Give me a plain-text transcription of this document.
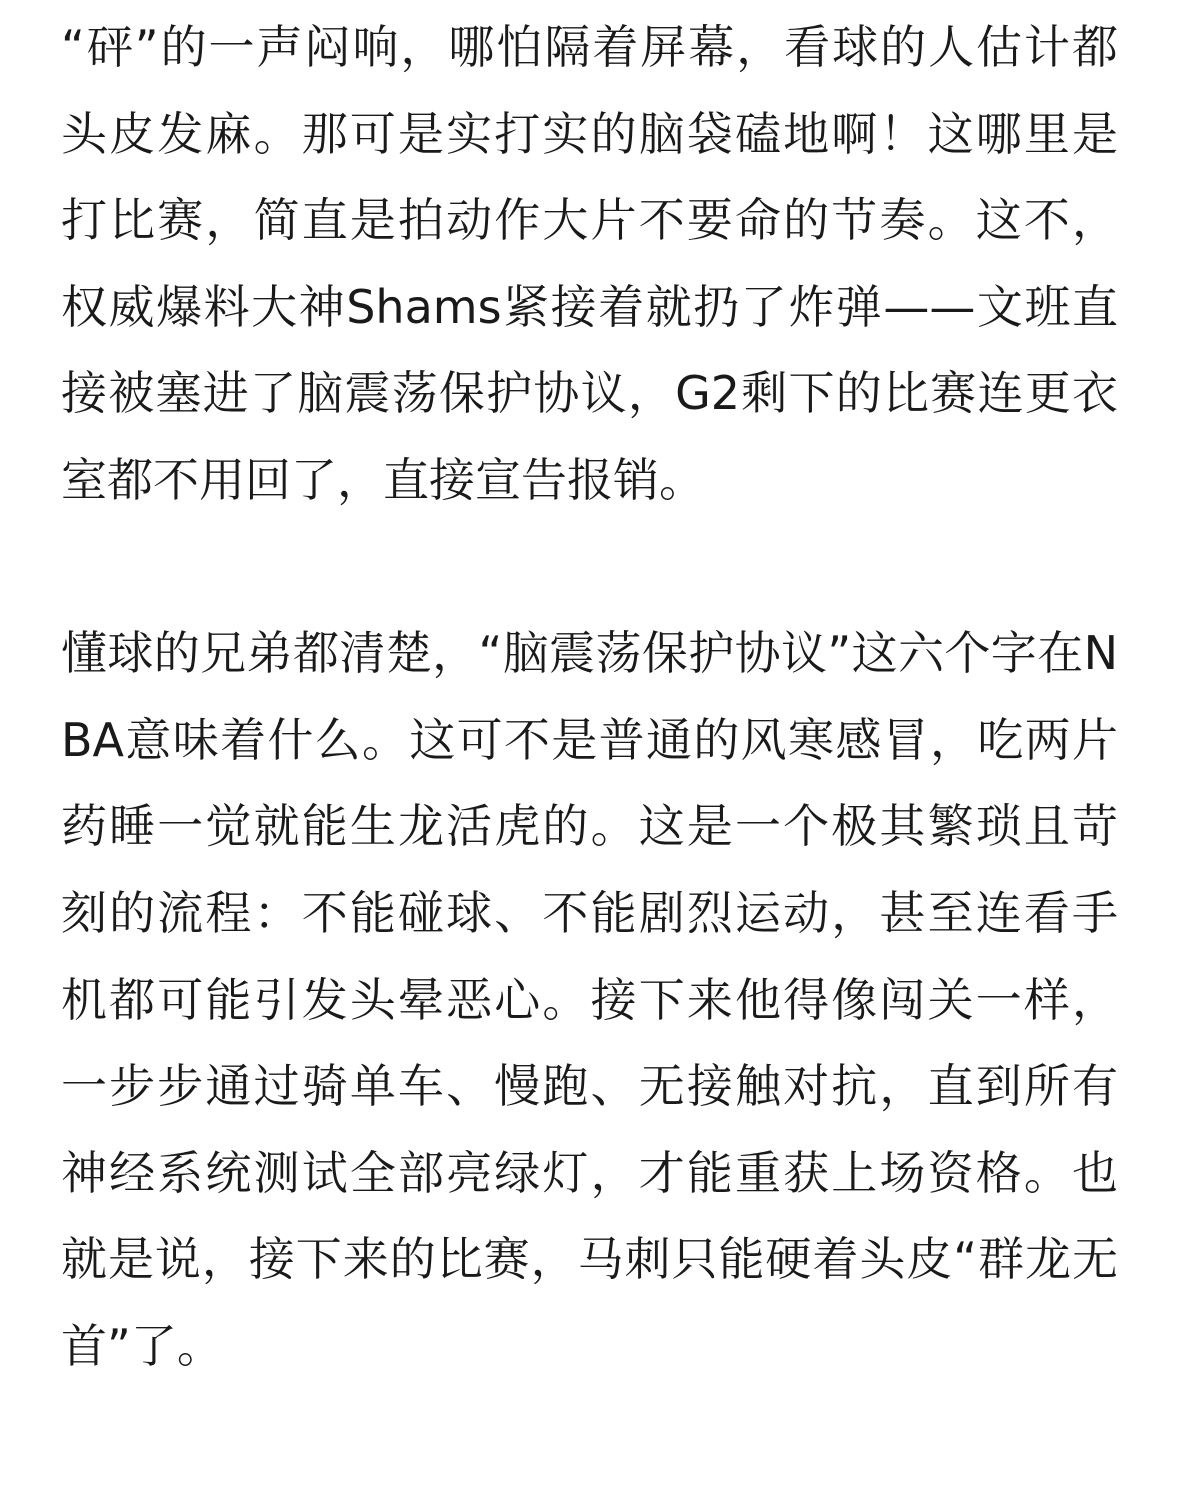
“砰”的一声闷响，哪怕隔着屏幕，看球的人估计都头皮发麻。那可是实打实的脑袋磕地啊！这哪里是打比赛，简直是拍动作大片不要命的节奏。这不，权威爆料大神Shams紧接着就扔了炸弹——文班直接被塞进了脑震荡保护协议，G2剩下的比赛连更衣室都不用回了，直接宣告报销。

懂球的兄弟都清楚，“脑震荡保护协议”这六个字在NBA意味着什么。这可不是普通的风寒感冒，吃两片药睡一觉就能生龙活虎的。这是一个极其繁琐且苛刻的流程：不能碰球、不能剧烈运动，甚至连看手机都可能引发头晕恶心。接下来他得像闯关一样，一步步通过骑单车、慢跑、无接触对抗，直到所有神经系统测试全部亮绿灯，才能重获上场资格。也就是说，接下来的比赛，马刺只能硬着头皮“群龙无首”了。
